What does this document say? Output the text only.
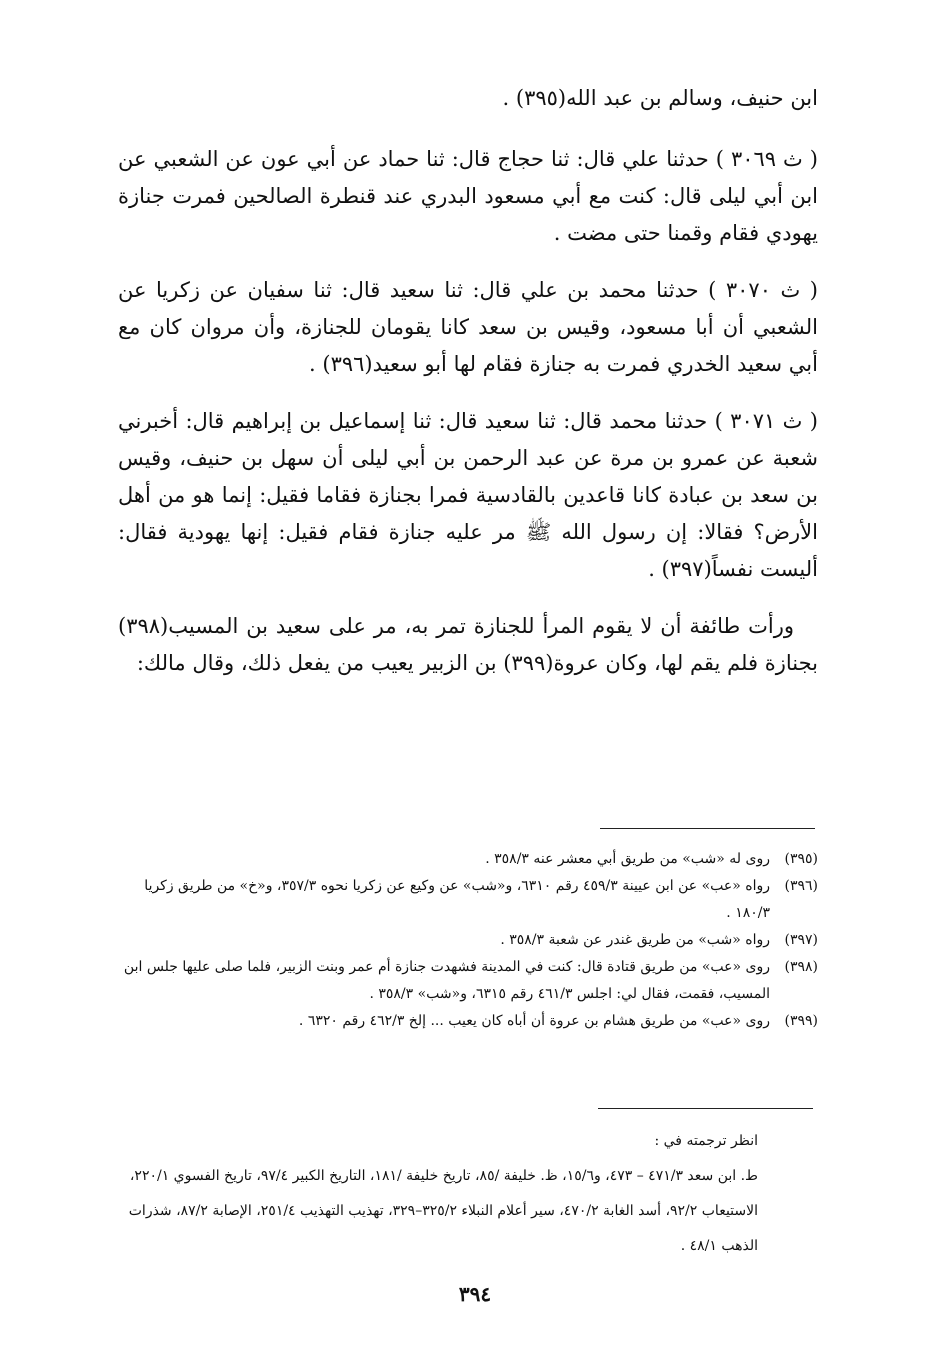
ابن حنيف، وسالم بن عبد الله(٣٩٥) .

( ث ٣٠٦٩ ) حدثنا علي قال: ثنا حجاج قال: ثنا حماد عن أبي عون عن الشعبي عن ابن أبي ليلى قال: كنت مع أبي مسعود البدري عند قنطرة الصالحين فمرت جنازة يهودي فقام وقمنا حتى مضت .

( ث ٣٠٧٠ ) حدثنا محمد بن علي قال: ثنا سعيد قال: ثنا سفيان عن زكريا عن الشعبي أن أبا مسعود، وقيس بن سعد كانا يقومان للجنازة، وأن مروان كان مع أبي سعيد الخدري فمرت به جنازة فقام لها أبو سعيد(٣٩٦) .

( ث ٣٠٧١ ) حدثنا محمد قال: ثنا سعيد قال: ثنا إسماعيل بن إبراهيم قال: أخبرني شعبة عن عمرو بن مرة عن عبد الرحمن بن أبي ليلى أن سهل بن حنيف، وقيس بن سعد بن عبادة كانا قاعدين بالقادسية فمرا بجنازة فقاما فقيل: إنما هو من أهل الأرض؟ فقالا: إن رسول الله ﷺ مر عليه جنازة فقام فقيل: إنها يهودية فقال: أليست نفساً(٣٩٧) .

ورأت طائفة أن لا يقوم المرأ للجنازة تمر به، مر على سعيد بن المسيب(٣٩٨) بجنازة فلم يقم لها، وكان عروة(٣٩٩) بن الزبير يعيب من يفعل ذلك، وقال مالك:

(٣٩٥)
روى له «شب» من طريق أبي معشر عنه ٣٥٨/٣ .
(٣٩٦)
رواه «عب» عن ابن عيينة ٤٥٩/٣ رقم ٦٣١٠، و«شب» عن وكيع عن زكريا نحوه ٣٥٧/٣، و«خ» من طريق زكريا ١٨٠/٣ .
(٣٩٧)
رواه «شب» من طريق غندر عن شعبة ٣٥٨/٣ .
(٣٩٨)
روى «عب» من طريق قتادة قال: كنت في المدينة فشهدت جنازة أم عمر وبنت الزبير، فلما صلى عليها جلس ابن المسيب، فقمت، فقال لي: اجلس ٤٦١/٣ رقم ٦٣١٥، و«شب» ٣٥٨/٣ .
(٣٩٩)
روى «عب» من طريق هشام بن عروة أن أباه كان يعيب ... إلخ ٤٦٢/٣ رقم ٦٣٢٠ .
انظر ترجمته في :
ط. ابن سعد ٤٧١/٣ – ٤٧٣، و١٥/٦، ظ. خليفة /٨٥، تاريخ خليفة /١٨١، التاريخ الكبير ٩٧/٤، تاريخ الفسوي ٢٢٠/١، الاستيعاب ٩٢/٢، أسد الغابة ٤٧٠/٢، سير أعلام النبلاء ٣٢٥/٢–٣٢٩، تهذيب التهذيب ٢٥١/٤، الإصابة ٨٧/٢، شذرات الذهب ٤٨/١ .
٣٩٤
